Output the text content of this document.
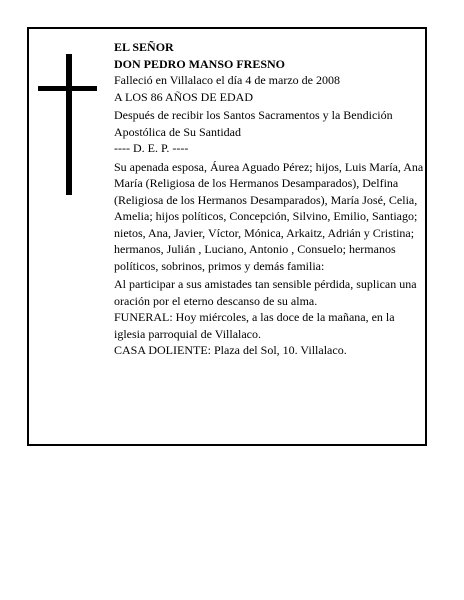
EL SEÑOR

DON PEDRO MANSO FRESNO

Falleció en Villalaco el día 4 de marzo de 2008

A LOS 86 AÑOS DE EDAD

Después de recibir los Santos Sacramentos y la Bendición Apostólica de Su Santidad

---- D. E. P. ----

Su apenada esposa, Áurea Aguado Pérez; hijos, Luis María, Ana María (Religiosa de los Hermanos Desamparados), Delfina (Religiosa de los Hermanos Desamparados), María José, Celia, Amelia; hijos políticos, Concepción, Silvino, Emilio, Santiago; nietos, Ana, Javier, Víctor, Mónica, Arkaitz, Adrián y Cristina; hermanos, Julián , Luciano, Antonio , Consuelo; hermanos políticos, sobrinos, primos y demás familia:

Al participar a sus amistades tan sensible pérdida, suplican una oración por el eterno descanso de su alma.

FUNERAL: Hoy miércoles, a las doce de la mañana, en la iglesia parroquial de Villalaco.

CASA DOLIENTE: Plaza del Sol, 10. Villalaco.
